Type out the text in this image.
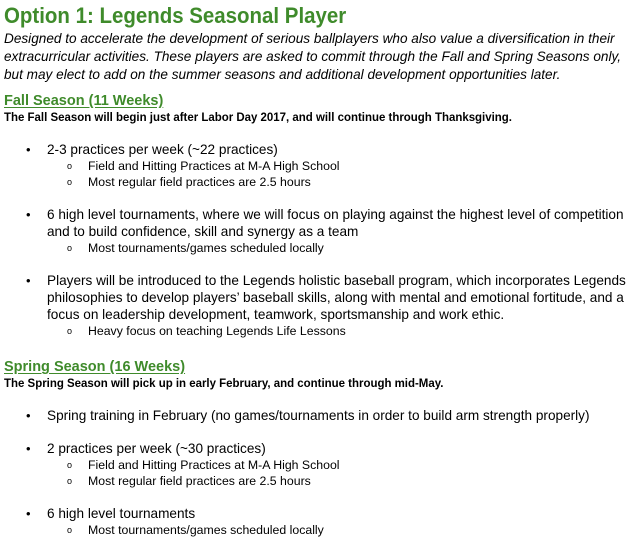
Option 1: Legends Seasonal Player

Designed to accelerate the development of serious ballplayers who also value a diversification in their extracurricular activities. These players are asked to commit through the Fall and Spring Seasons only, but may elect to add on the summer seasons and additional development opportunities later.

Fall Season (11 Weeks)

The Fall Season will begin just after Labor Day 2017, and will continue through Thanksgiving.

• 2-3 practices per week (~22 practices)
o Field and Hitting Practices at M-A High School
o Most regular field practices are 2.5 hours
• 6 high level tournaments, where we will focus on playing against the highest level of competition and to build confidence, skill and synergy as a team
o Most tournaments/games scheduled locally
• Players will be introduced to the Legends holistic baseball program, which incorporates Legends philosophies to develop players’ baseball skills, along with mental and emotional fortitude, and a focus on leadership development, teamwork, sportsmanship and work ethic.
o Heavy focus on teaching Legends Life Lessons
Spring Season (16 Weeks)

The Spring Season will pick up in early February, and continue through mid-May.

• Spring training in February (no games/tournaments in order to build arm strength properly)
• 2 practices per week (~30 practices)
o Field and Hitting Practices at M-A High School
o Most regular field practices are 2.5 hours
• 6 high level tournaments
o Most tournaments/games scheduled locally
